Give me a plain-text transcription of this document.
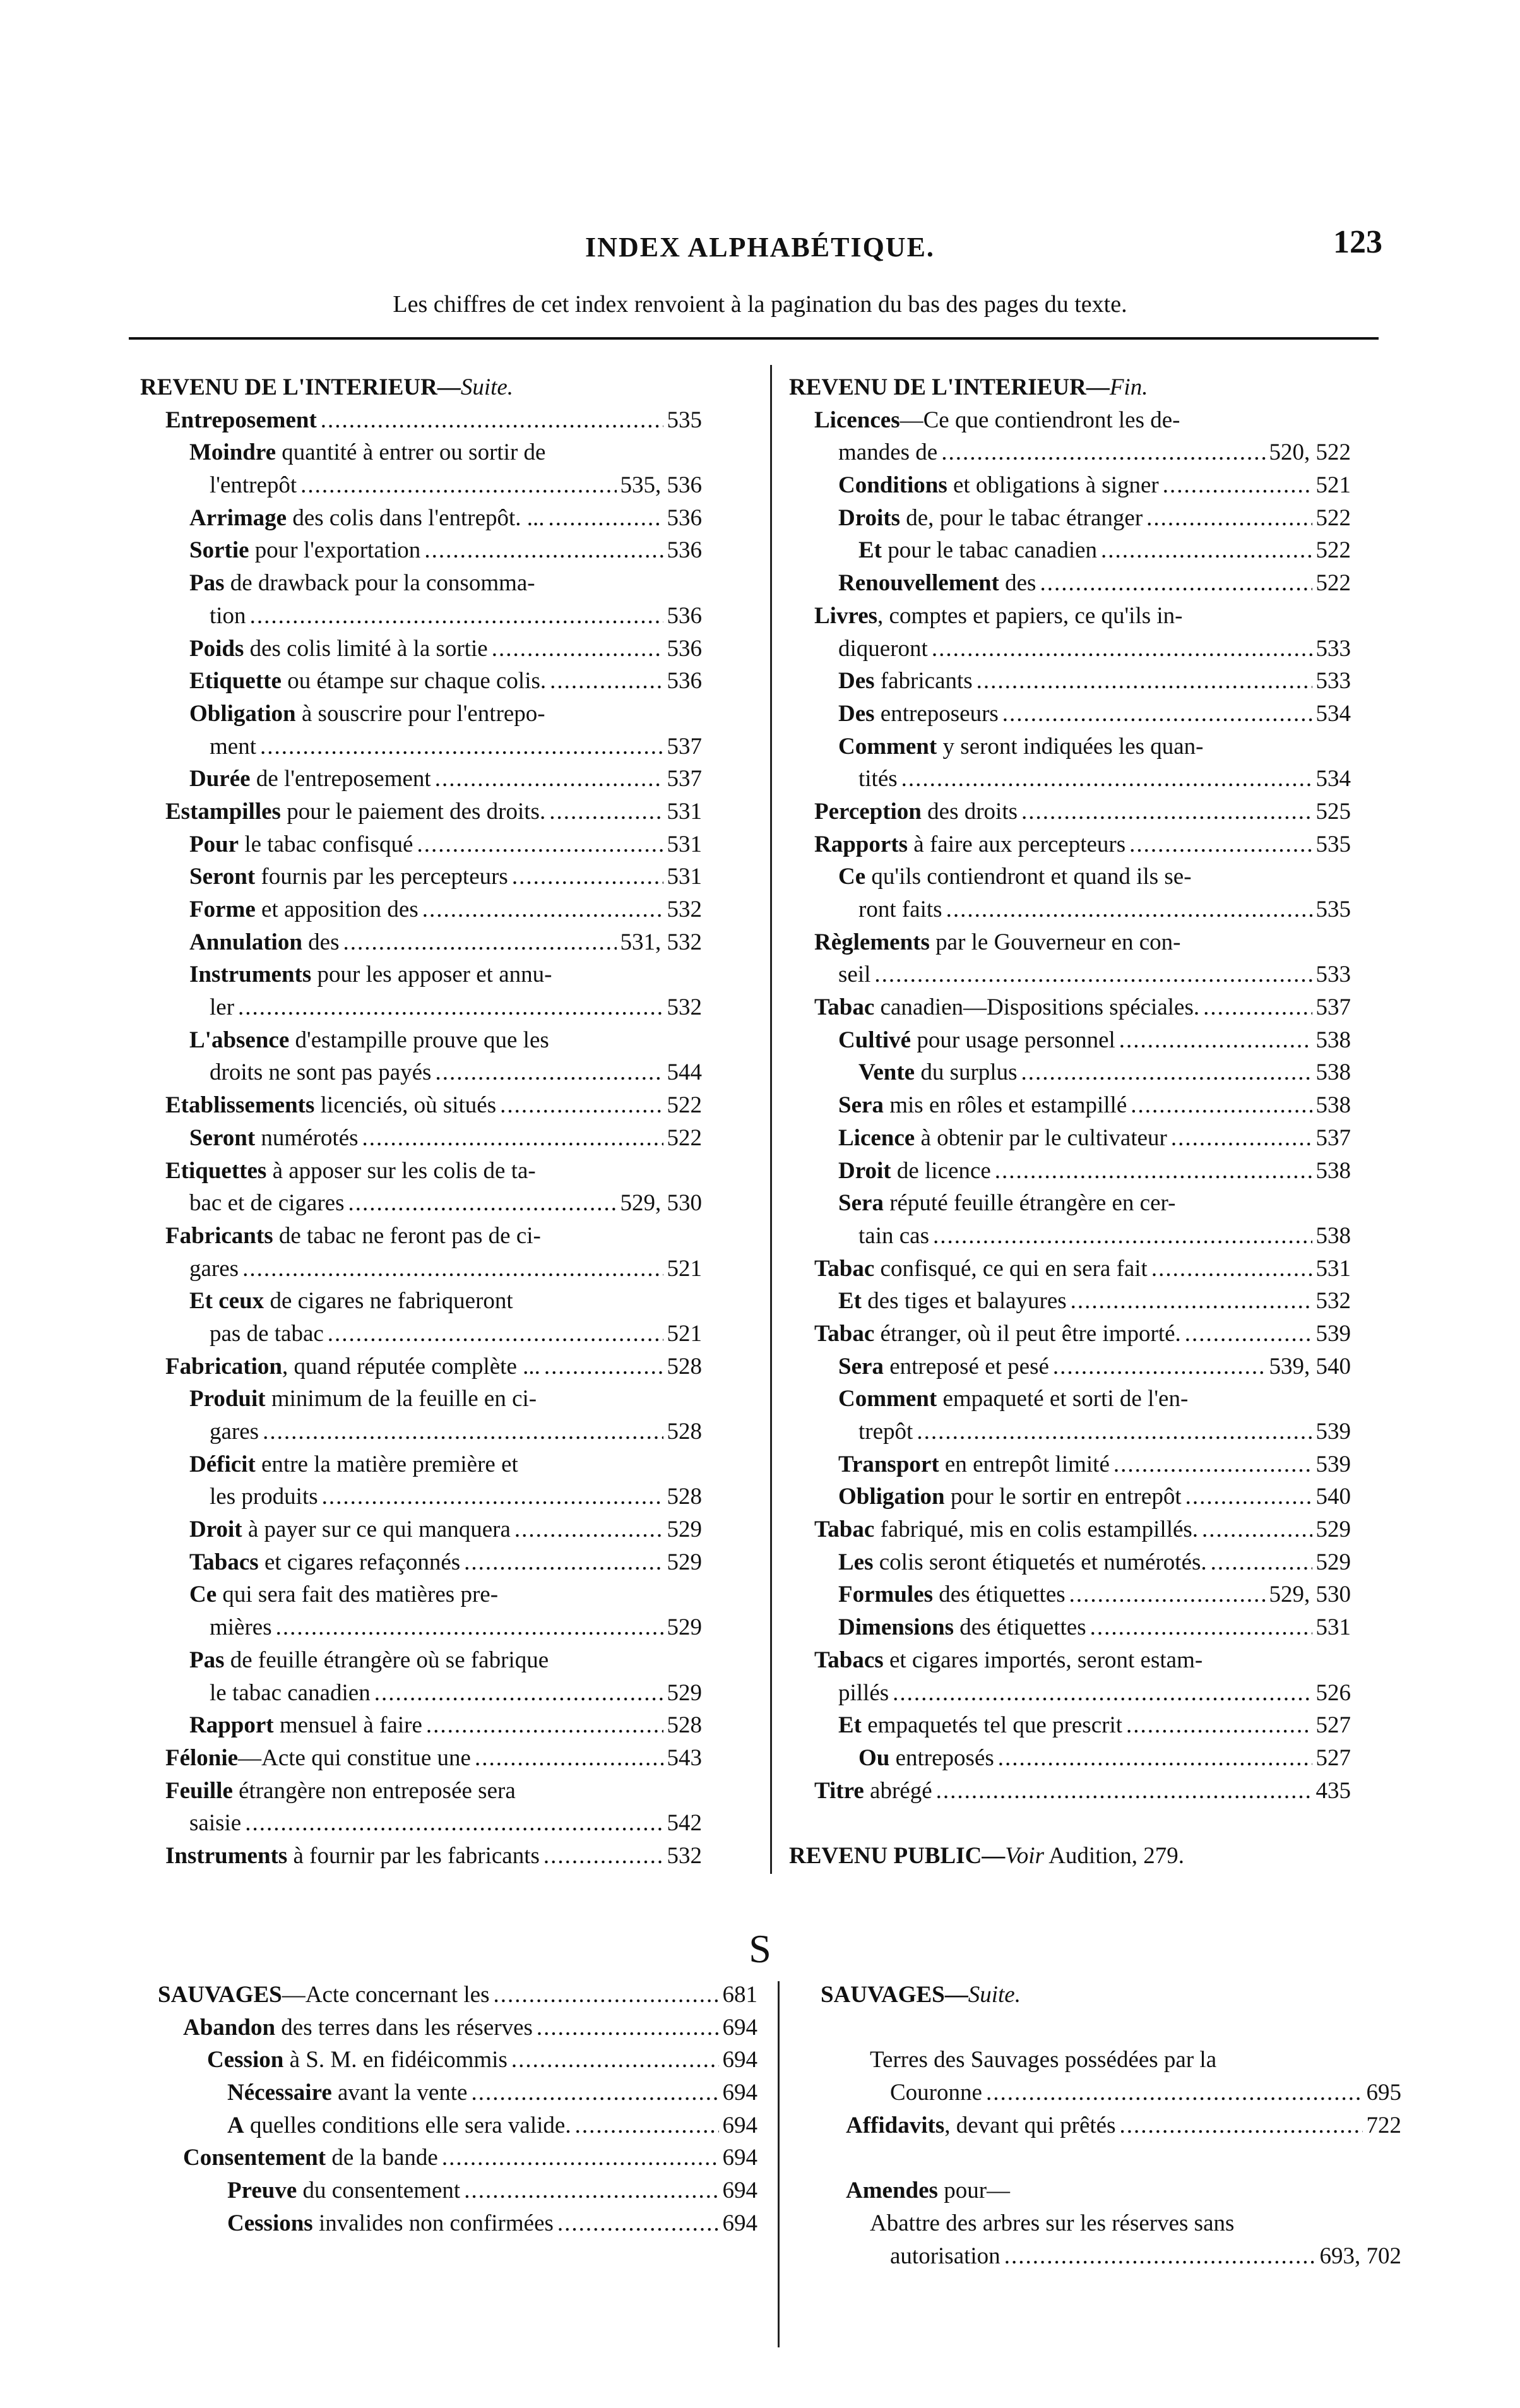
INDEX ALPHABÉTIQUE.	123
Les chiffres de cet index renvoient à la pagination du bas des pages du texte.
REVENU DE L'INTERIEUR—Suite.
Entreposement .....	535
Moindre quantité à entrer ou sortir de
l'entrepôt .....	535, 536
Arrimage des colis dans l'entrepôt. ... .....	536
Sortie pour l'exportation .....	536
Pas de drawback pour la consomma-
tion .....	536
Poids des colis limité à la sortie .....	536
Etiquette ou étampe sur chaque colis. .....	536
Obligation à souscrire pour l'entrepo-
ment .....	537
Durée de l'entreposement .....	537
Estampilles pour le paiement des droits. .....	531
Pour le tabac confisqué .....	531
Seront fournis par les percepteurs .....	531
Forme et apposition des .....	532
Annulation des .....	531, 532
Instruments pour les apposer et annu-
ler .....	532
L'absence d'estampille prouve que les
droits ne sont pas payés .....	544
Etablissements licenciés, où situés .....	522
Seront numérotés .....	522
Etiquettes à apposer sur les colis de ta-
bac et de cigares .....	529, 530
Fabricants de tabac ne feront pas de ci-
gares .....	521
Et ceux de cigares ne fabriqueront
pas de tabac .....	521
Fabrication, quand réputée complète ... .....	528
Produit minimum de la feuille en ci-
gares .....	528
Déficit entre la matière première et
les produits .....	528
Droit à payer sur ce qui manquera .....	529
Tabacs et cigares refaçonnés .....	529
Ce qui sera fait des matières pre-
mières .....	529
Pas de feuille étrangère où se fabrique
le tabac canadien .....	529
Rapport mensuel à faire .....	528
Félonie—Acte qui constitue une .....	543
Feuille étrangère non entreposée sera
saisie .....	542
Instruments à fournir par les fabricants .....	532
REVENU DE L'INTERIEUR—Fin.
Licences—Ce que contiendront les de-
mandes de .....	520, 522
Conditions et obligations à signer .....	521
Droits de, pour le tabac étranger .....	522
Et pour le tabac canadien .....	522
Renouvellement des .....	522
Livres, comptes et papiers, ce qu'ils in-
diqueront .....	533
Des fabricants .....	533
Des entreposeurs .....	534
Comment y seront indiquées les quan-
tités .....	534
Perception des droits .....	525
Rapports à faire aux percepteurs .....	535
Ce qu'ils contiendront et quand ils se-
ront faits .....	535
Règlements par le Gouverneur en con-
seil .....	533
Tabac canadien—Dispositions spéciales. .....	537
Cultivé pour usage personnel .....	538
Vente du surplus .....	538
Sera mis en rôles et estampillé .....	538
Licence à obtenir par le cultivateur .....	537
Droit de licence .....	538
Sera réputé feuille étrangère en cer-
tain cas .....	538
Tabac confisqué, ce qui en sera fait .....	531
Et des tiges et balayures .....	532
Tabac étranger, où il peut être importé. .....	539
Sera entreposé et pesé .....	539, 540
Comment empaqueté et sorti de l'en-
trepôt .....	539
Transport en entrepôt limité .....	539
Obligation pour le sortir en entrepôt .....	540
Tabac fabriqué, mis en colis estampillés. .....	529
Les colis seront étiquetés et numérotés. .....	529
Formules des étiquettes .....	529, 530
Dimensions des étiquettes .....	531
Tabacs et cigares importés, seront estam-
pillés .....	526
Et empaquetés tel que prescrit .....	527
Ou entreposés .....	527
Titre abrégé .....	435
REVENU PUBLIC—Voir Audition, 279.
S
SAUVAGES—Acte concernant les .....	681
Abandon des terres dans les réserves .....	694
Cession à S. M. en fidéicommis .....	694
Nécessaire avant la vente .....	694
A quelles conditions elle sera valide. .....	694
Consentement de la bande .....	694
Preuve du consentement .....	694
Cessions invalides non confirmées .....	694
SAUVAGES—Suite.
Terres des Sauvages possédées par la
Couronne .....	695
Affidavits, devant qui prêtés .....	722
Amendes pour—
Abattre des arbres sur les réserves sans
autorisation .....	693, 702
